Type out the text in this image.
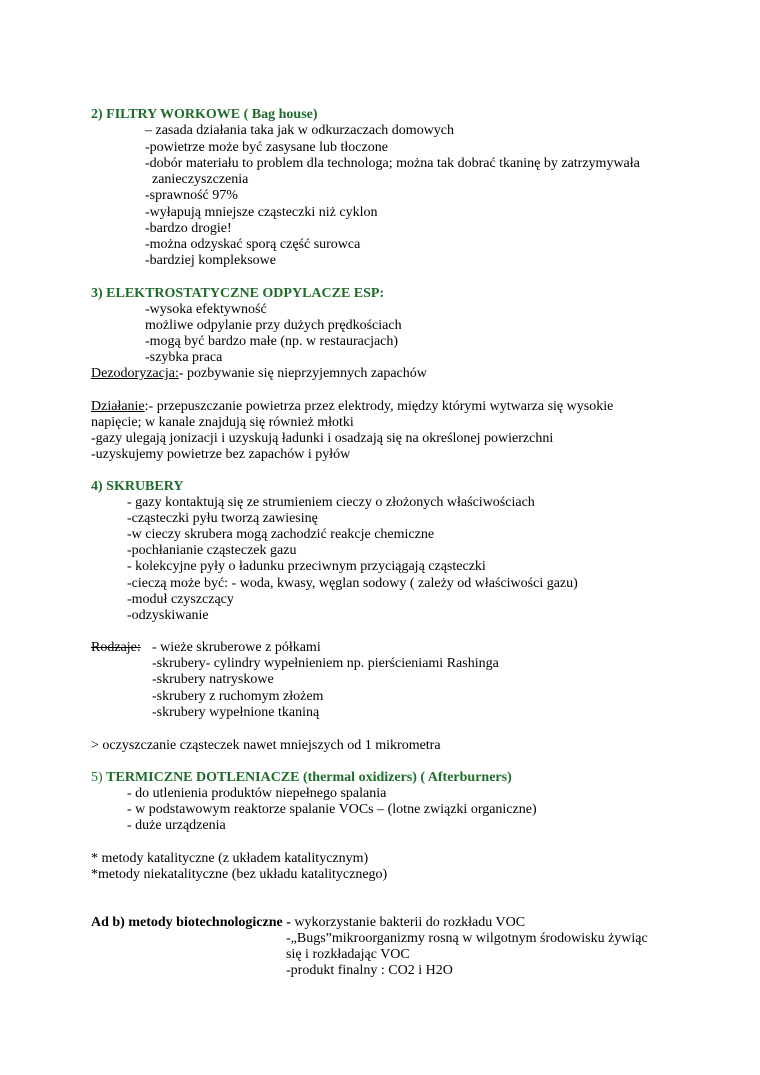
2) FILTRY WORKOWE ( Bag house)
– zasada działania taka jak w odkurzaczach domowych
-powietrze może być zasysane lub tłoczone
-dobór materiału to problem dla technologa; można tak dobrać tkaninę by zatrzymywała
zanieczyszczenia
-sprawność 97%
-wyłapują mniejsze cząsteczki niż cyklon
-bardzo drogie!
-można odzyskać sporą część surowca
-bardziej kompleksowe
3) ELEKTROSTATYCZNE ODPYLACZE ESP:
-wysoka efektywność
możliwe odpylanie przy dużych prędkościach
-mogą być bardzo małe (np. w restauracjach)
-szybka praca
Dezodoryzacja:- pozbywanie się nieprzyjemnych zapachów
Działanie:- przepuszczanie powietrza przez elektrody, między którymi wytwarza się wysokie
napięcie; w kanale znajdują się również młotki
-gazy ulegają jonizacji i uzyskują ładunki i osadzają się na określonej powierzchni
-uzyskujemy powietrze bez zapachów i pyłów
4) SKRUBERY
- gazy kontaktują się ze strumieniem cieczy o złożonych właściwościach
-cząsteczki pyłu tworzą zawiesinę
-w cieczy skrubera mogą zachodzić reakcje chemiczne
-pochłanianie cząsteczek gazu
- kolekcyjne pyły o ładunku przeciwnym przyciągają cząsteczki
-cieczą może być: - woda, kwasy, węglan sodowy ( zależy od właściwości gazu)
-moduł czyszczący
-odzyskiwanie
Rodzaje: - wieże skruberowe z półkami
-skrubery- cylindry wypełnieniem np. pierścieniami Rashinga
-skrubery natryskowe
-skrubery z ruchomym złożem
-skrubery wypełnione tkaniną
> oczyszczanie cząsteczek nawet mniejszych od 1 mikrometra
5) TERMICZNE DOTLENIACZE (thermal oxidizers) ( Afterburners)
- do utlenienia produktów niepełnego spalania
- w podstawowym reaktorze spalanie VOCs – (lotne związki organiczne)
- duże urządzenia
* metody katalityczne (z układem katalitycznym)
*metody niekatalityczne (bez układu katalitycznego)
Ad b) metody biotechnologiczne - wykorzystanie bakterii do rozkładu VOC
-„Bugs”mikroorganizmy rosną w wilgotnym środowisku żywiąc
się i rozkładając VOC
-produkt finalny : CO2 i H2O
